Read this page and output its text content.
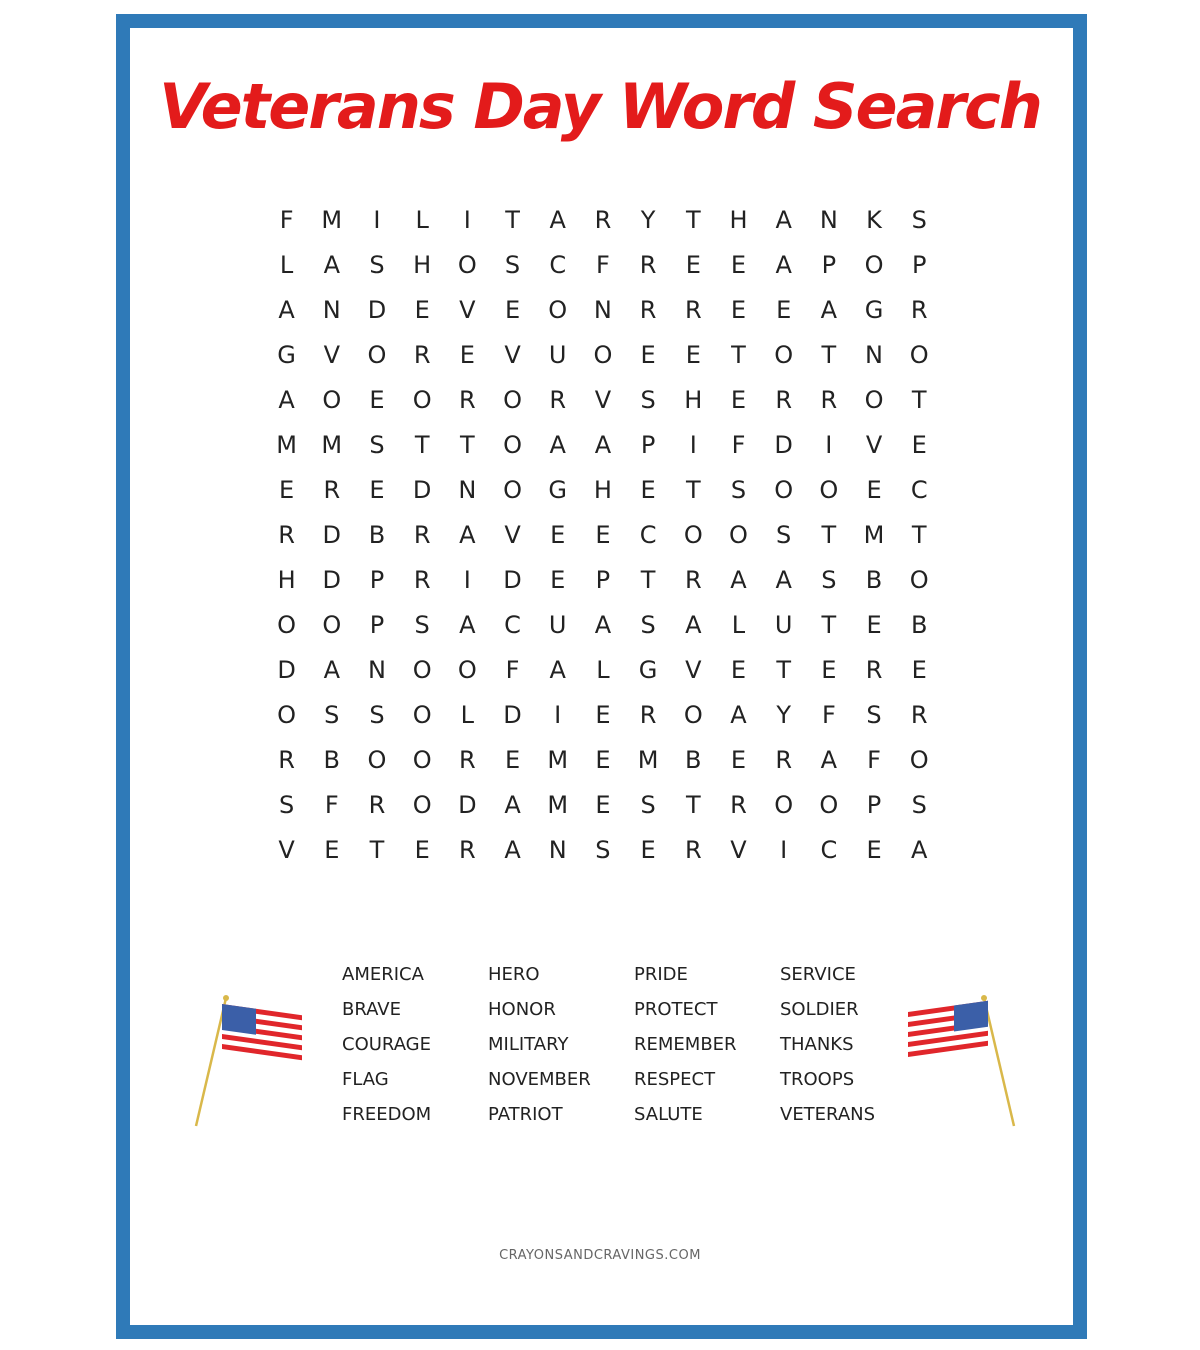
Veterans Day Word Search
F	M	I	L	I	T	A	R	Y	T	H	A	N	K	S
L	A	S	H	O	S	C	F	R	E	E	A	P	O	P
A	N	D	E	V	E	O	N	R	R	E	E	A	G	R
G	V	O	R	E	V	U	O	E	E	T	O	T	N	O
A	O	E	O	R	O	R	V	S	H	E	R	R	O	T
M	M	S	T	T	O	A	A	P	I	F	D	I	V	E
E	R	E	D	N	O	G	H	E	T	S	O	O	E	C
R	D	B	R	A	V	E	E	C	O	O	S	T	M	T
H	D	P	R	I	D	E	P	T	R	A	A	S	B	O
O	O	P	S	A	C	U	A	S	A	L	U	T	E	B
D	A	N	O	O	F	A	L	G	V	E	T	E	R	E
O	S	S	O	L	D	I	E	R	O	A	Y	F	S	R
R	B	O	O	R	E	M	E	M	B	E	R	A	F	O
S	F	R	O	D	A	M	E	S	T	R	O	O	P	S
V	E	T	E	R	A	N	S	E	R	V	I	C	E	A
AMERICA
BRAVE
COURAGE
FLAG
FREEDOM
HERO
HONOR
MILITARY
NOVEMBER
PATRIOT
PRIDE
PROTECT
REMEMBER
RESPECT
SALUTE
SERVICE
SOLDIER
THANKS
TROOPS
VETERANS
CRAYONSANDCRAVINGS.COM
